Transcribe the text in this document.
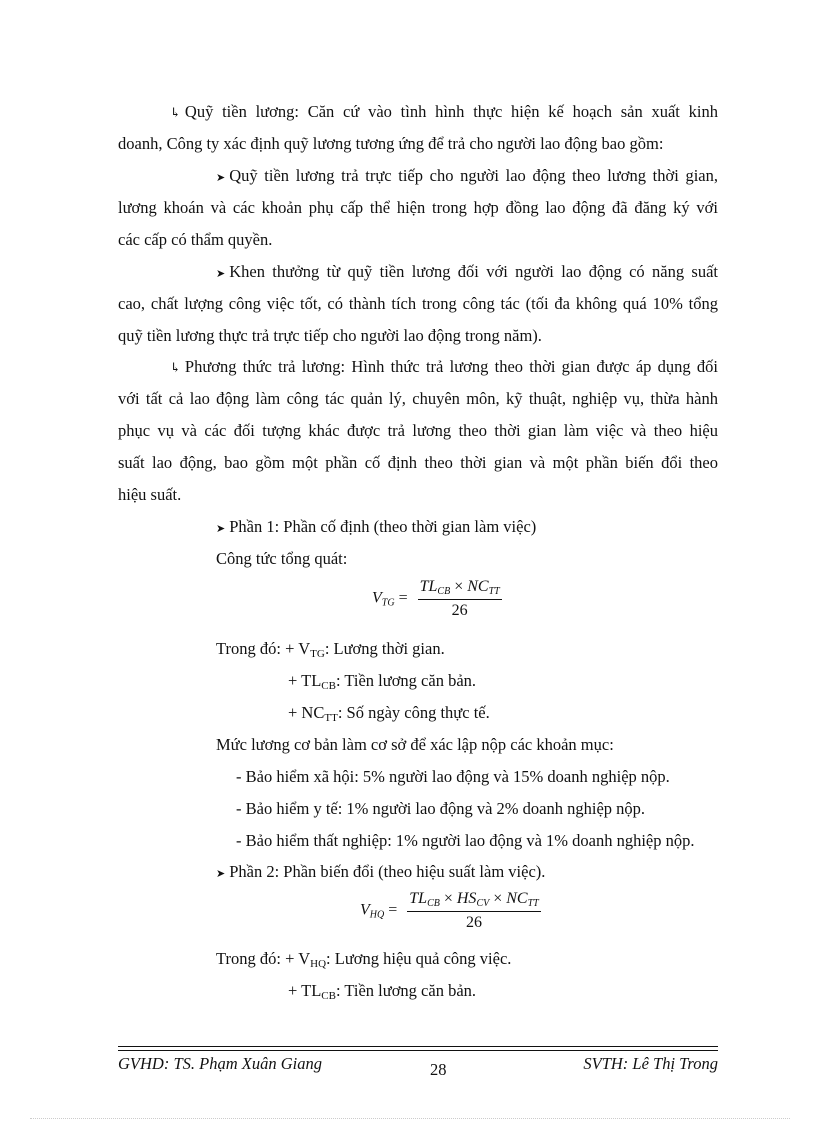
↳ Quỹ tiền lương: Căn cứ vào tình hình thực hiện kế hoạch sản xuất kinh
doanh, Công ty xác định quỹ lương tương ứng để trả cho người lao động bao gồm:
➤ Quỹ tiền lương trả trực tiếp cho người lao động theo lương thời gian,
lương khoán và các khoản phụ cấp thể hiện trong hợp đồng lao động đã đăng ký với
các cấp có thẩm quyền.
➤ Khen thưởng từ quỹ tiền lương đối với người lao động có năng suất
cao, chất lượng công việc tốt, có thành tích trong công tác (tối đa không quá 10% tổng
quỹ tiền lương thực trả trực tiếp cho người lao động trong năm).
↳ Phương thức trả lương: Hình thức trả lương theo thời gian được áp dụng đối
với tất cả lao động làm công tác quản lý, chuyên môn, kỹ thuật, nghiệp vụ, thừa hành
phục vụ và các đối tượng khác được trả lương theo thời gian làm việc và theo hiệu
suất lao động, bao gồm một phần cố định theo thời gian và một phần biến đổi theo
hiệu suất.
➤ Phần 1: Phần cố định (theo thời gian làm việc)
Công tức tổng quát:
VTG = $\frac{\text{TLCB × NCTT}}{26}$
Trong đó: + $V_{TG}$: Lương thời gian.
+ $TL_{CB}$: Tiền lương căn bản.
+ $NC_{TT}$: Số ngày công thực tế.
Mức lương cơ bản làm cơ sở để xác lập nộp các khoản mục:
- Bảo hiểm xã hội: 5% người lao động và 15% doanh nghiệp nộp.
- Bảo hiểm y tế: 1% người lao động và 2% doanh nghiệp nộp.
- Bảo hiểm thất nghiệp: 1% người lao động và 1% doanh nghiệp nộp.
➤ Phần 2: Phần biến đổi (theo hiệu suất làm việc).
VHQ = $\frac{\text{TLCB × HSCV × NCTT}}{26}$
Trong đó: + $V_{HQ}$: Lương hiệu quả công việc.
+ $TL_{CB}$: Tiền lương căn bản.
GVHD: TS. Phạm Xuân Giang	28	SVTH: Lê Thị Trong
